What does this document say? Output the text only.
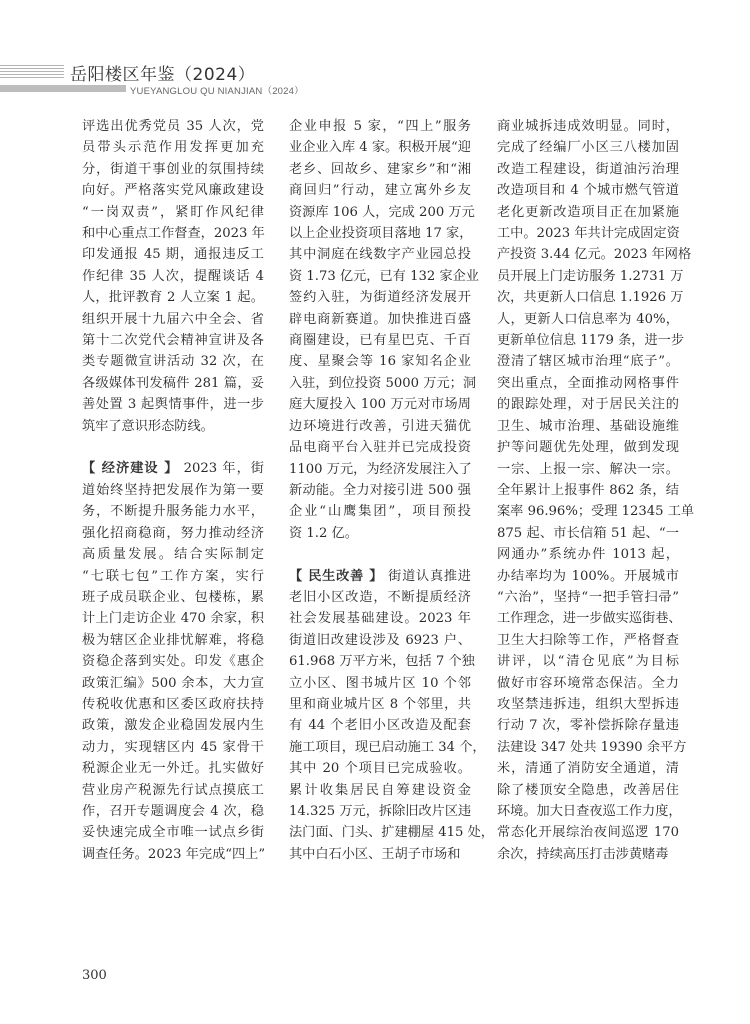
岳阳楼区年鉴（2024）
YUEYANGLOU QU NIANJIAN（2024）

评选出优秀党员 35 人次，党
员带头示范作用发挥更加充
分，街道干事创业的氛围持续
向好。严格落实党风廉政建设
“一岗双责”，紧盯作风纪律
和中心重点工作督查，2023 年
印发通报 45 期，通报违反工
作纪律 35 人次，提醒谈话 4
人，批评教育 2 人立案 1 起。
组织开展十九届六中全会、省
第十二次党代会精神宣讲及各
类专题微宣讲活动 32 次，在
各级媒体刊发稿件 281 篇，妥
善处置 3 起舆情事件，进一步
筑牢了意识形态防线。

【 经济建设 】 2023 年，街
道始终坚持把发展作为第一要
务，不断提升服务能力水平，
强化招商稳商，努力推动经济
高质量发展。结合实际制定
“七联七包”工作方案，实行
班子成员联企业、包楼栋，累
计上门走访企业 470 余家，积
极为辖区企业排忧解难，将稳
资稳企落到实处。印发《惠企
政策汇编》500 余本，大力宣
传税收优惠和区委区政府扶持
政策，激发企业稳固发展内生
动力，实现辖区内 45 家骨干
税源企业无一外迁。扎实做好
营业房产税源先行试点摸底工
作，召开专题调度会 4 次，稳
妥快速完成全市唯一试点乡街
调查任务。2023 年完成“四上”

企业申报 5 家，“四上”服务
业企业入库 4 家。积极开展“迎
老乡、回故乡、建家乡”和“湘
商回归”行动，建立寓外乡友
资源库 106 人，完成 200 万元
以上企业投资项目落地 17 家，
其中洞庭在线数字产业园总投
资 1.73 亿元，已有 132 家企业
签约入驻，为街道经济发展开
辟电商新赛道。加快推进百盛
商圈建设，已有星巴克、千百
度、星聚会等 16 家知名企业
入驻，到位投资 5000 万元；洞
庭大厦投入 100 万元对市场周
边环境进行改善，引进天猫优
品电商平台入驻并已完成投资
1100 万元，为经济发展注入了
新动能。全力对接引进 500 强
企业“山鹰集团”，项目预投
资 1.2 亿。

【 民生改善 】 街道认真推进
老旧小区改造，不断提质经济
社会发展基础建设。2023 年
街道旧改建设涉及 6923 户、
61.968 万平方米，包括 7 个独
立小区、图书城片区 10 个邻
里和商业城片区 8 个邻里，共
有 44 个老旧小区改造及配套
施工项目，现已启动施工 34 个，
其中 20 个项目已完成验收。
累计收集居民自筹建设资金
14.325 万元，拆除旧改片区违
法门面、门头、扩建棚屋 415 处，
其中白石小区、王胡子市场和

商业城拆违成效明显。同时，
完成了经编厂小区三八楼加固
改造工程建设，街道油污治理
改造项目和 4 个城市燃气管道
老化更新改造项目正在加紧施
工中。2023 年共计完成固定资
产投资 3.44 亿元。2023 年网格
员开展上门走访服务 1.2731 万
次，共更新人口信息 1.1926 万
人，更新人口信息率为 40%，
更新单位信息 1179 条，进一步
澄清了辖区城市治理“底子”。
突出重点，全面推动网格事件
的跟踪处理，对于居民关注的
卫生、城市治理、基础设施维
护等问题优先处理，做到发现
一宗、上报一宗、解决一宗。
全年累计上报事件 862 条，结
案率 96.96%；受理 12345 工单
875 起、市长信箱 51 起、“一
网通办”系统办件 1013 起，
办结率均为 100%。开展城市
“六治”，坚持“一把手管扫帚”
工作理念，进一步做实巡街巷、
卫生大扫除等工作，严格督查
讲评，以“清仓见底”为目标
做好市容环境常态保洁。全力
攻坚禁违拆违，组织大型拆违
行动 7 次，零补偿拆除存量违
法建设 347 处共 19390 余平方
米，清通了消防安全通道，清
除了楼顶安全隐患，改善居住
环境。加大日查夜巡工作力度，
常态化开展综治夜间巡逻 170
余次，持续高压打击涉黄赌毒

300
